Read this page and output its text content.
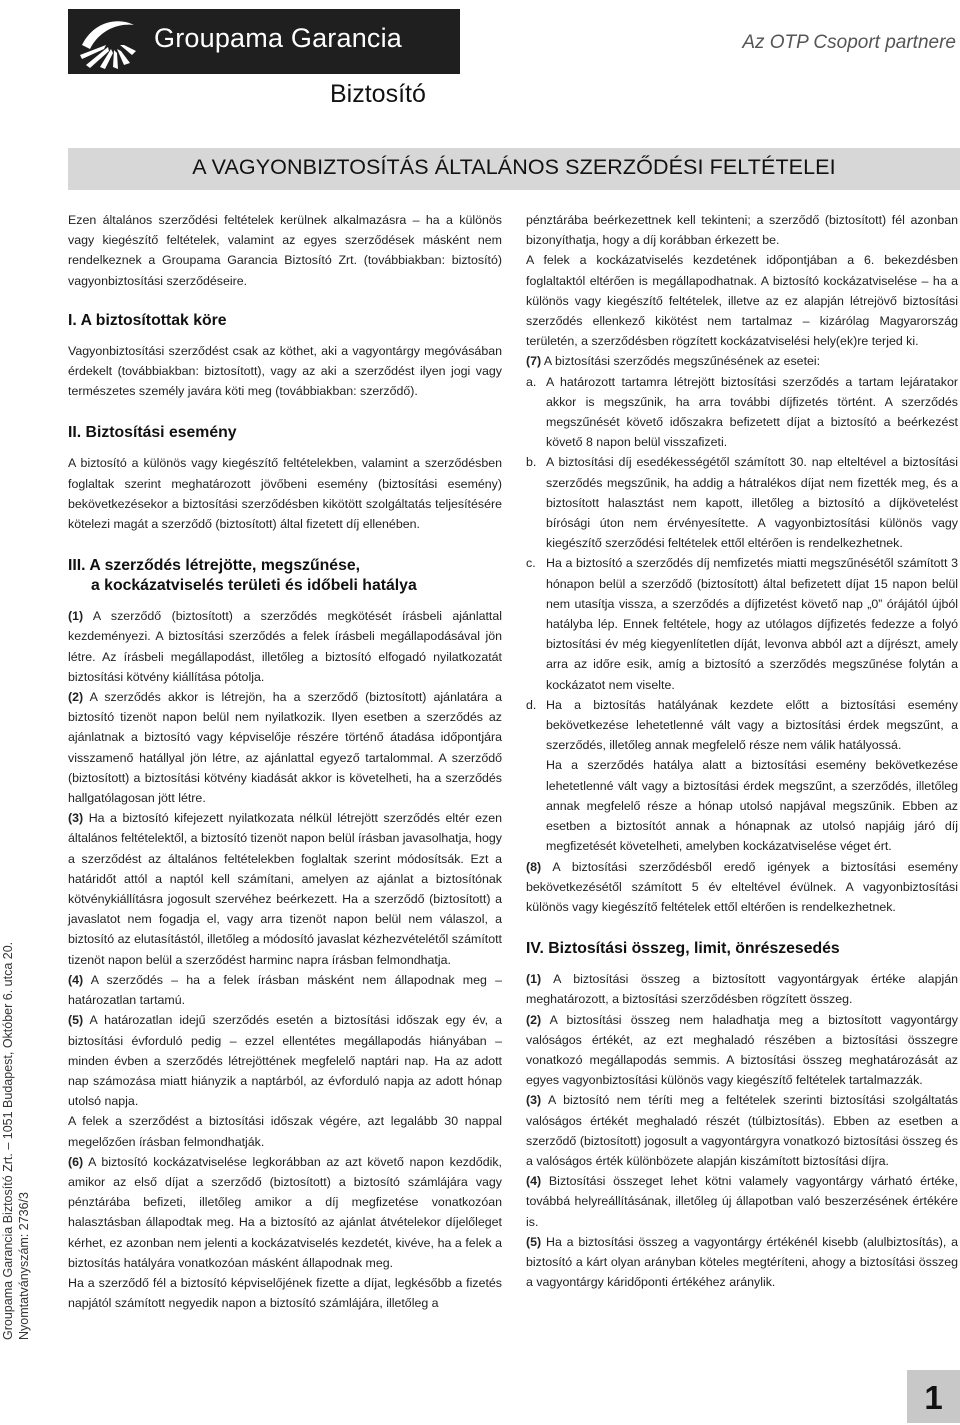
Groupama Garancia	Az OTP Csoport partnere
Biztosító
A VAGYONBIZTOSÍTÁS ÁLTALÁNOS SZERZŐDÉSI FELTÉTELEI
Groupama Garancia Biztosító Zrt. – 1051 Budapest, Október 6. utca 20. Nyomtatványszám: 2736/3

Ezen általános szerződési feltételek kerülnek alkalmazásra – ha a különös vagy kiegészítő feltételek, valamint az egyes szerződések másként nem rendelkeznek a Groupama Garancia Biztosító Zrt. (továbbiakban: biztosító) vagyonbiztosítási szerződéseire.

I. A biztosítottak köre

Vagyonbiztosítási szerződést csak az köthet, aki a vagyontárgy megóvásában érdekelt (továbbiakban: biztosított), vagy az aki a szerződést ilyen jogi vagy természetes személy javára köti meg (továbbiakban: szerződő).

II. Biztosítási esemény

A biztosító a különös vagy kiegészítő feltételekben, valamint a szerződésben foglaltak szerint meghatározott jövőbeni esemény (biztosítási esemény) bekövetkezésekor a biztosítási szerződésben kikötött szolgáltatás teljesítésére kötelezi magát a szerződő (biztosított) által fizetett díj ellenében.

III. A szerződés létrejötte, megszűnése,
a kockázatviselés területi és időbeli hatálya

(1) A szerződő (biztosított) a szerződés megkötését írásbeli ajánlattal kezdeményezi. A biztosítási szerződés a felek írásbeli megállapodásával jön létre. Az írásbeli megállapodást, illetőleg a biztosító elfogadó nyilatkozatát biztosítási kötvény kiállítása pótolja.

(2) A szerződés akkor is létrejön, ha a szerződő (biztosított) ajánlatára a biztosító tizenöt napon belül nem nyilatkozik. Ilyen esetben a szerződés az ajánlatnak a biztosító vagy képviselője részére történő átadása időpontjára visszamenő hatállyal jön létre, az ajánlattal egyező tartalommal. A szerződő (biztosított) a biztosítási kötvény kiadását akkor is követelheti, ha a szerződés hallgatólagosan jött létre.

(3) Ha a biztosító kifejezett nyilatkozata nélkül létrejött szerződés eltér ezen általános feltételektől, a biztosító tizenöt napon belül írásban javasolhatja, hogy a szerződést az általános feltételekben foglaltak szerint módosítsák. Ezt a határidőt attól a naptól kell számítani, amelyen az ajánlat a biztosítónak kötvénykiállításra jogosult szervéhez beérkezett. Ha a szerződő (biztosított) a javaslatot nem fogadja el, vagy arra tizenöt napon belül nem válaszol, a biztosító az elutasítástól, illetőleg a módosító javaslat kézhezvételétől számított tizenöt napon belül a szerződést harminc napra írásban felmondhatja.

(4) A szerződés – ha a felek írásban másként nem állapodnak meg – határozatlan tartamú.

(5) A határozatlan idejű szerződés esetén a biztosítási időszak egy év, a biztosítási évforduló pedig – ezzel ellentétes megállapodás hiányában – minden évben a szerződés létrejöttének megfelelő naptári nap. Ha az adott nap számozása miatt hiányzik a naptárból, az évforduló napja az adott hónap utolsó napja.

A felek a szerződést a biztosítási időszak végére, azt legalább 30 nappal megelőzően írásban felmondhatják.

(6) A biztosító kockázatviselése legkorábban az azt követő napon kezdődik, amikor az első díjat a szerződő (biztosított) a biztosító számlájára vagy pénztárába befizeti, illetőleg amikor a díj megfizetése vonatkozóan halasztásban állapodtak meg. Ha a biztosító az ajánlat átvételekor díjelőleget kérhet, ez azonban nem jelenti a kockázatviselés kezdetét, kivéve, ha a felek a biztosítás hatályára vonatkozóan másként állapodnak meg.

Ha a szerződő fél a biztosító képviselőjének fizette a díjat, legkésőbb a fizetés napjától számított negyedik napon a biztosító számlájára, illetőleg a

pénztárába beérkezettnek kell tekinteni; a szerződő (biztosított) fél azonban bizonyíthatja, hogy a díj korábban érkezett be.

A felek a kockázatviselés kezdetének időpontjában a 6. bekezdésben foglaltaktól eltérően is megállapodhatnak. A biztosító kockázatviselése – ha a különös vagy kiegészítő feltételek, illetve az ez alapján létrejövő biztosítási szerződés ellenkező kikötést nem tartalmaz – kizárólag Magyarország területén, a szerződésben rögzített kockázatviselési hely(ek)re terjed ki.

(7) A biztosítási szerződés megszűnésének az esetei:

a. A határozott tartamra létrejött biztosítási szerződés a tartam lejáratakor akkor is megszűnik, ha arra további díjfizetés történt. A szerződés megszűnését követő időszakra befizetett díjat a biztosító a beérkezést követő 8 napon belül visszafizeti.

b. A biztosítási díj esedékességétől számított 30. nap elteltével a biztosítási szerződés megszűnik, ha addig a hátralékos díjat nem fizették meg, és a biztosított halasztást nem kapott, illetőleg a biztosító a díjkövetelést bírósági úton nem érvényesítette. A vagyonbiztosítási különös vagy kiegészítő szerződési feltételek ettől eltérően is rendelkezhetnek.

c. Ha a biztosító a szerződés díj nemfizetés miatti megszűnésétől számított 3 hónapon belül a szerződő (biztosított) által befizetett díjat 15 napon belül nem utasítja vissza, a szerződés a díjfizetést követő nap „0” órájától újból hatályba lép. Ennek feltétele, hogy az utólagos díjfizetés fedezze a folyó biztosítási év még kiegyenlítetlen díját, levonva abból azt a díjrészt, amely arra az időre esik, amíg a biztosító a szerződés megszűnése folytán a kockázatot nem viselte.

d. Ha a biztosítás hatályának kezdete előtt a biztosítási esemény bekövetkezése lehetetlenné vált vagy a biztosítási érdek megszűnt, a szerződés, illetőleg annak megfelelő része nem válik hatályossá.

Ha a szerződés hatálya alatt a biztosítási esemény bekövetkezése lehetetlenné vált vagy a biztosítási érdek megszűnt, a szerződés, illetőleg annak megfelelő része a hónap utolsó napjával megszűnik. Ebben az esetben a biztosítót annak a hónapnak az utolsó napjáig járó díj megfizetését követelheti, amelyben kockázatviselése véget ért.

(8) A biztosítási szerződésből eredő igények a biztosítási esemény bekövetkezésétől számított 5 év elteltével évülnek. A vagyonbiztosítási különös vagy kiegészítő feltételek ettől eltérően is rendelkezhetnek.

IV. Biztosítási összeg, limit, önrészesedés

(1) A biztosítási összeg a biztosított vagyontárgyak értéke alapján meghatározott, a biztosítási szerződésben rögzített összeg.

(2) A biztosítási összeg nem haladhatja meg a biztosított vagyontárgy valóságos értékét, az ezt meghaladó részében a biztosítási összegre vonatkozó megállapodás semmis. A biztosítási összeg meghatározását az egyes vagyonbiztosítási különös vagy kiegészítő feltételek tartalmazzák.

(3) A biztosító nem téríti meg a feltételek szerinti biztosítási szolgáltatás valóságos értékét meghaladó részét (túlbiztosítás). Ebben az esetben a szerződő (biztosított) jogosult a vagyontárgyra vonatkozó biztosítási összeg és a valóságos érték különbözete alapján kiszámított biztosítási díjra.

(4) Biztosítási összeget lehet kötni valamely vagyontárgy várható értéke, továbbá helyreállításának, illetőleg új állapotban való beszerzésének értékére is.

(5) Ha a biztosítási összeg a vagyontárgy értékénél kisebb (alulbiztosítás), a biztosító a kárt olyan arányban köteles megtéríteni, ahogy a biztosítási összeg a vagyontárgy káridőponti értékéhez aránylik.

1
